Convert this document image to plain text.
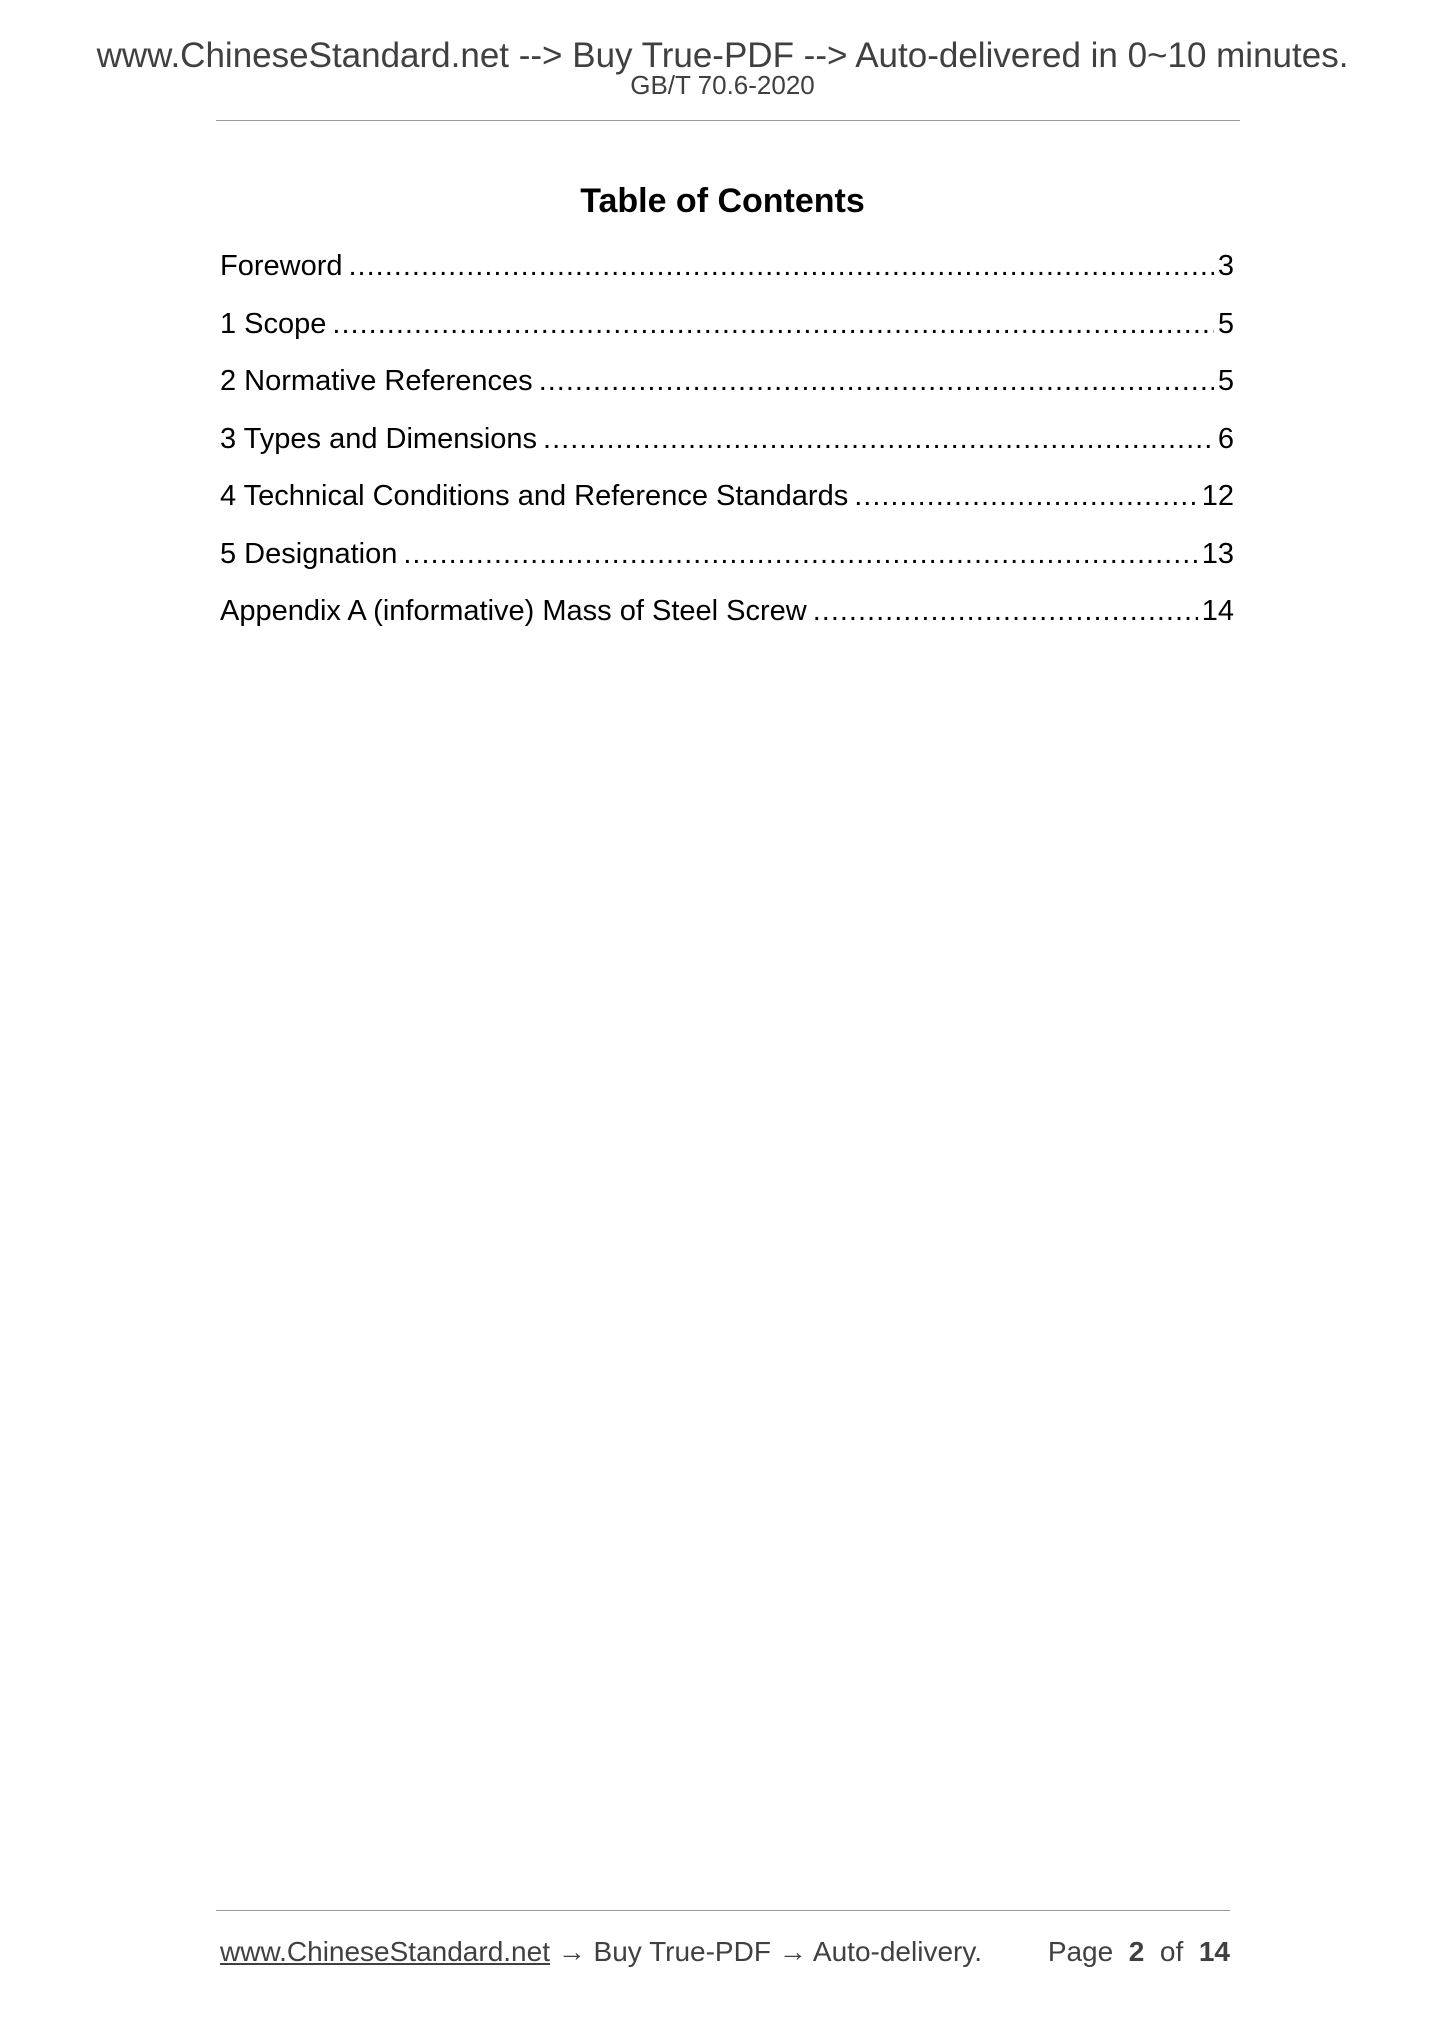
www.ChineseStandard.net --> Buy True-PDF --> Auto-delivered in 0~10 minutes.
GB/T 70.6-2020
Table of Contents
Foreword .....	3
1 Scope .....	5
2 Normative References .....	5
3 Types and Dimensions .....	6
4 Technical Conditions and Reference Standards .....	12
5 Designation .....	13
Appendix A (informative) Mass of Steel Screw .....	14
www.ChineseStandard.net → Buy True-PDF → Auto-delivery. Page 2 of 14
